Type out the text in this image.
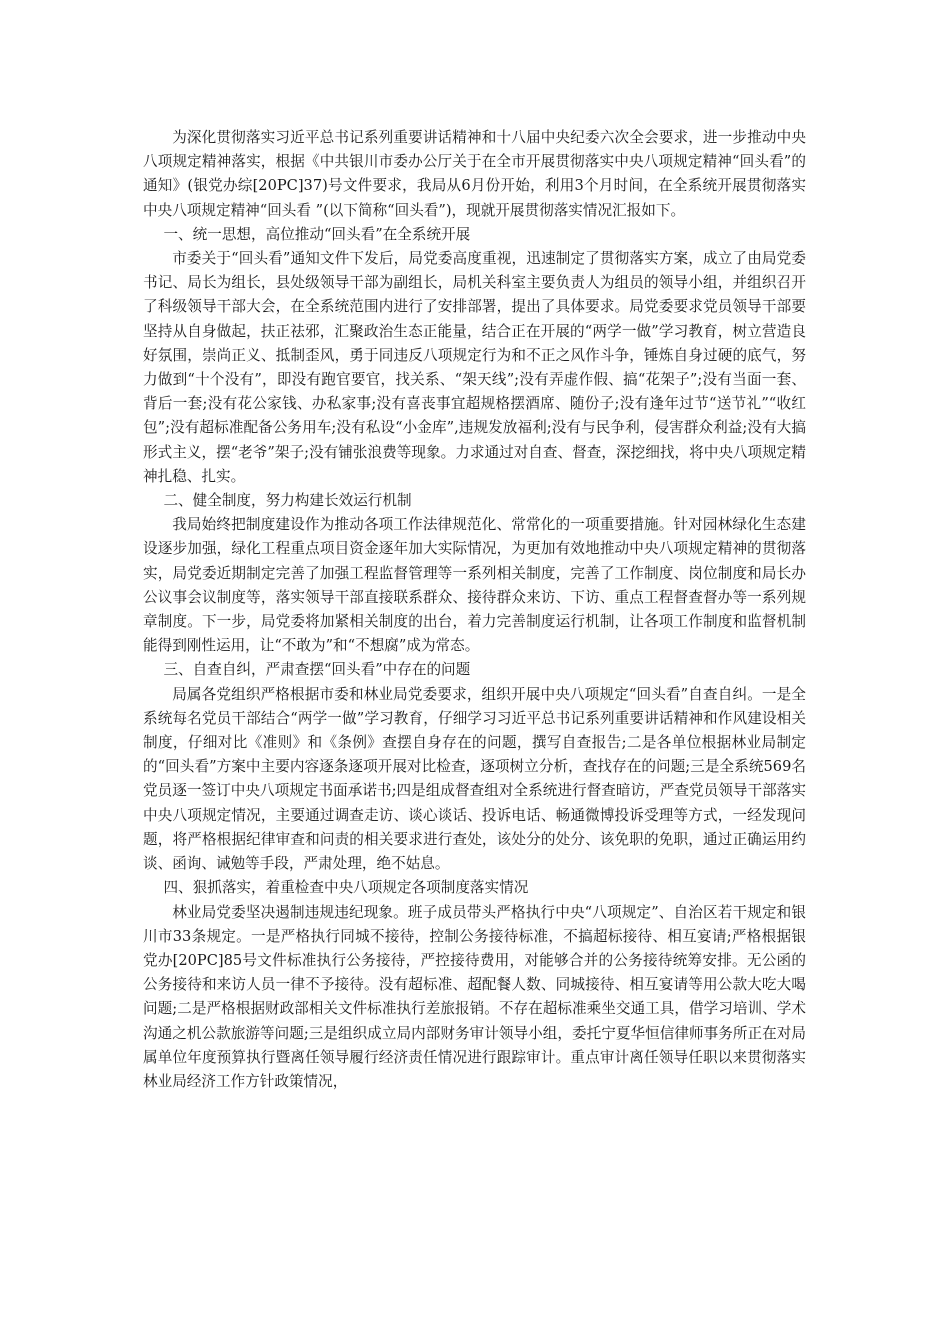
为深化贯彻落实习近平总书记系列重要讲话精神和十八届中央纪委六次全会要求，进一步推动中央八项规定精神落实，根据《中共银川市委办公厅关于在全市开展贯彻落实中央八项规定精神“回头看”的通知》(银党办综[20PC]37)号文件要求，我局从6月份开始，利用3个月时间，在全系统开展贯彻落实中央八项规定精神“回头看 ”(以下简称“回头看”)，现就开展贯彻落实情况汇报如下。

一、统一思想，高位推动“回头看”在全系统开展

市委关于“回头看”通知文件下发后，局党委高度重视，迅速制定了贯彻落实方案，成立了由局党委书记、局长为组长，县处级领导干部为副组长，局机关科室主要负责人为组员的领导小组，并组织召开了科级领导干部大会，在全系统范围内进行了安排部署，提出了具体要求。局党委要求党员领导干部要坚持从自身做起，扶正祛邪，汇聚政治生态正能量，结合正在开展的“两学一做”学习教育，树立营造良好氛围，崇尚正义、抵制歪风，勇于同违反八项规定行为和不正之风作斗争，锤炼自身过硬的底气，努力做到“十个没有”，即没有跑官要官，找关系、“架天线”;没有弄虚作假、搞“花架子”;没有当面一套、背后一套;没有花公家钱、办私家事;没有喜丧事宜超规格摆酒席、随份子;没有逢年过节“送节礼”“收红包”;没有超标准配备公务用车;没有私设“小金库”,违规发放福利;没有与民争利，侵害群众利益;没有大搞形式主义，摆“老爷”架子;没有铺张浪费等现象。力求通过对自查、督查，深挖细找，将中央八项规定精神扎稳、扎实。

二、健全制度，努力构建长效运行机制

我局始终把制度建设作为推动各项工作法律规范化、常常化的一项重要措施。针对园林绿化生态建设逐步加强，绿化工程重点项目资金逐年加大实际情况，为更加有效地推动中央八项规定精神的贯彻落实，局党委近期制定完善了加强工程监督管理等一系列相关制度，完善了工作制度、岗位制度和局长办公议事会议制度等，落实领导干部直接联系群众、接待群众来访、下访、重点工程督查督办等一系列规章制度。下一步，局党委将加紧相关制度的出台，着力完善制度运行机制，让各项工作制度和监督机制能得到刚性运用，让“不敢为”和“不想腐”成为常态。

三、自查自纠，严肃查摆“回头看”中存在的问题

局属各党组织严格根据市委和林业局党委要求，组织开展中央八项规定“回头看”自查自纠。一是全系统每名党员干部结合“两学一做”学习教育，仔细学习习近平总书记系列重要讲话精神和作风建设相关制度，仔细对比《准则》和《条例》查摆自身存在的问题，撰写自查报告;二是各单位根据林业局制定的“回头看”方案中主要内容逐条逐项开展对比检查，逐项树立分析，查找存在的问题;三是全系统569名党员逐一签订中央八项规定书面承诺书;四是组成督查组对全系统进行督查暗访，严查党员领导干部落实中央八项规定情况，主要通过调查走访、谈心谈话、投诉电话、畅通微博投诉受理等方式，一经发现问题，将严格根据纪律审查和问责的相关要求进行查处，该处分的处分、该免职的免职，通过正确运用约谈、函询、诫勉等手段，严肃处理，绝不姑息。

四、狠抓落实，着重检查中央八项规定各项制度落实情况

林业局党委坚决遏制违规违纪现象。班子成员带头严格执行中央“八项规定”、自治区若干规定和银川市33条规定。一是严格执行同城不接待，控制公务接待标准，不搞超标接待、相互宴请;严格根据银党办[20PC]85号文件标准执行公务接待，严控接待费用，对能够合并的公务接待统筹安排。无公函的公务接待和来访人员一律不予接待。没有超标准、超配餐人数、同城接待、相互宴请等用公款大吃大喝问题;二是严格根据财政部相关文件标准执行差旅报销。不存在超标准乘坐交通工具，借学习培训、学术沟通之机公款旅游等问题;三是组织成立局内部财务审计领导小组，委托宁夏华恒信律师事务所正在对局属单位年度预算执行暨离任领导履行经济责任情况进行跟踪审计。重点审计离任领导任职以来贯彻落实林业局经济工作方针政策情况，
